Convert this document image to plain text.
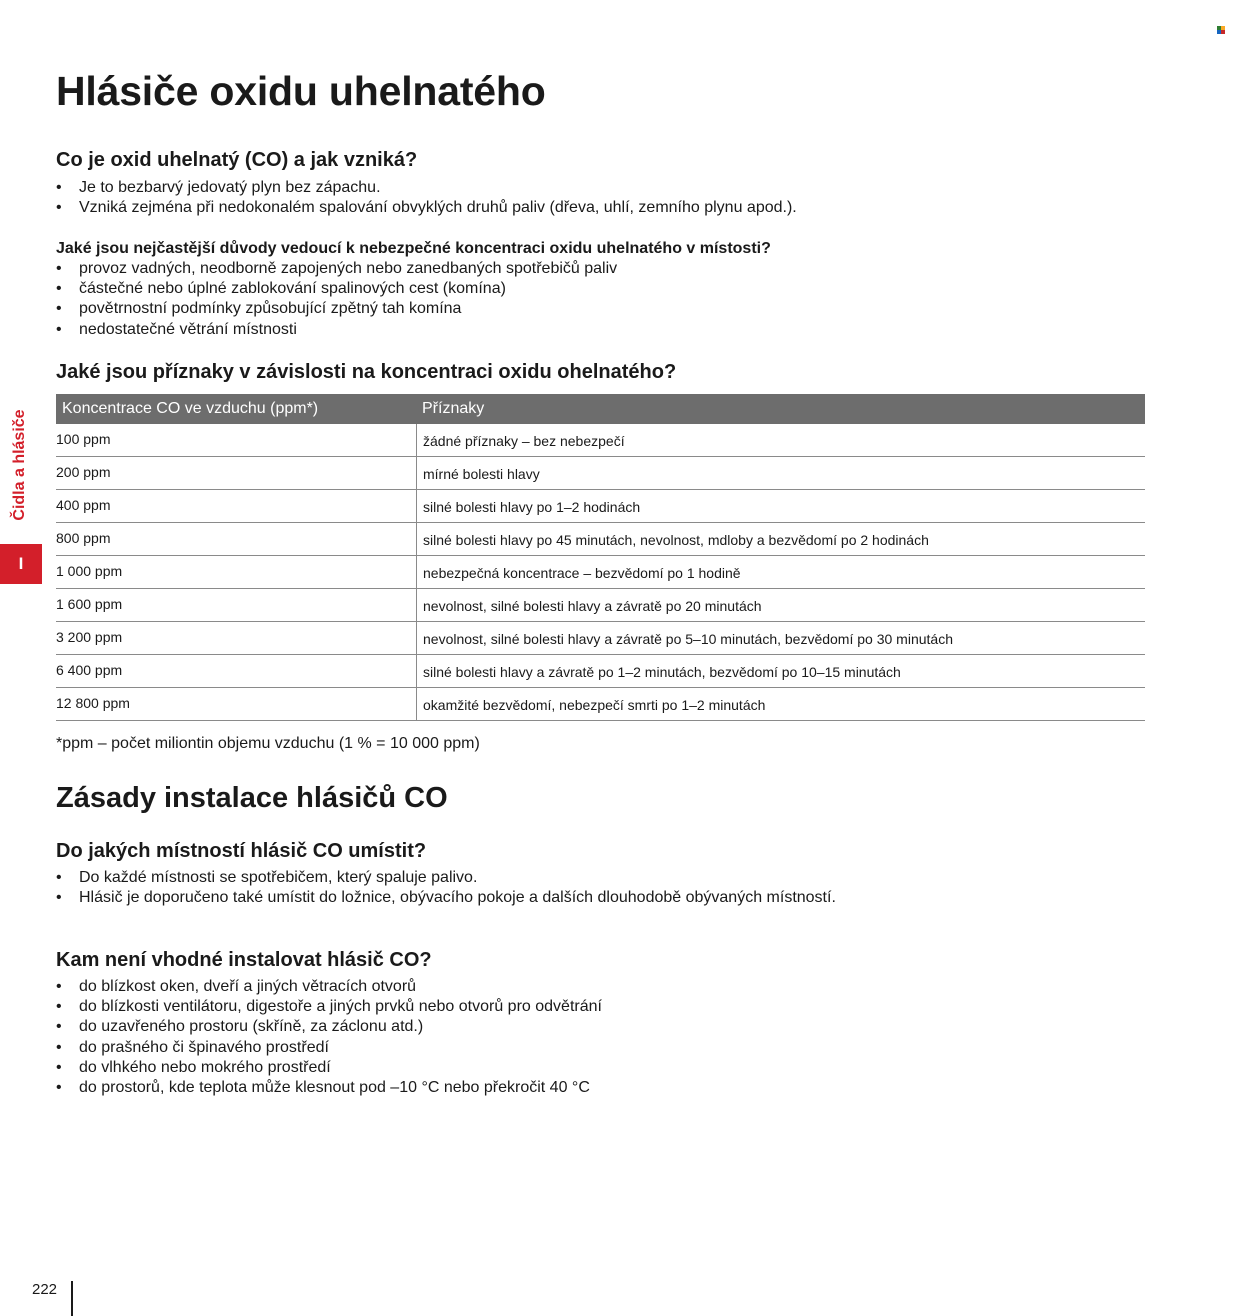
Čidla a hlásiče
I
Hlásiče oxidu uhelnatého
Co je oxid uhelnatý (CO) a jak vzniká?
• Je to bezbarvý jedovatý plyn bez zápachu.
• Vzniká zejména při nedokonalém spalování obvyklých druhů paliv (dřeva, uhlí, zemního plynu apod.).
Jaké jsou nejčastější důvody vedoucí k nebezpečné koncentraci oxidu uhelnatého v místosti?
• provoz vadných, neodborně zapojených nebo zanedbaných spotřebičů paliv
• částečné nebo úplné zablokování spalinových cest (komína)
• povětrnostní podmínky způsobující zpětný tah komína
• nedostatečné větrání místnosti
Jaké jsou příznaky v závislosti na koncentraci oxidu ohelnatého?
Koncentrace CO ve vzduchu (ppm*)	Příznaky
100 ppm	žádné příznaky – bez nebezpečí
200 ppm	mírné bolesti hlavy
400 ppm	silné bolesti hlavy po 1–2 hodinách
800 ppm	silné bolesti hlavy po 45 minutách, nevolnost, mdloby a bezvědomí po 2 hodinách
1 000 ppm	nebezpečná koncentrace – bezvědomí po 1 hodině
1 600 ppm	nevolnost, silné bolesti hlavy a závratě po 20 minutách
3 200 ppm	nevolnost, silné bolesti hlavy a závratě po 5–10 minutách, bezvědomí po 30 minutách
6 400 ppm	silné bolesti hlavy a závratě po 1–2 minutách, bezvědomí po 10–15 minutách
12 800 ppm	okamžité bezvědomí, nebezpečí smrti po 1–2 minutách
*ppm – počet miliontin objemu vzduchu (1 % = 10 000 ppm)
Zásady instalace hlásičů CO
Do jakých místností hlásič CO umístit?
• Do každé místnosti se spotřebičem, který spaluje palivo.
• Hlásič je doporučeno také umístit do ložnice, obývacího pokoje a dalších dlouhodobě obývaných místností.
Kam není vhodné instalovat hlásič CO?
• do blízkost oken, dveří a jiných větracích otvorů
• do blízkosti ventilátoru, digestoře a jiných prvků nebo otvorů pro odvětrání
• do uzavřeného prostoru (skříně, za záclonu atd.)
• do prašného či špinavého prostředí
• do vlhkého nebo mokrého prostředí
• do prostorů, kde teplota může klesnout pod –10 °C nebo překročit 40 °C
222
